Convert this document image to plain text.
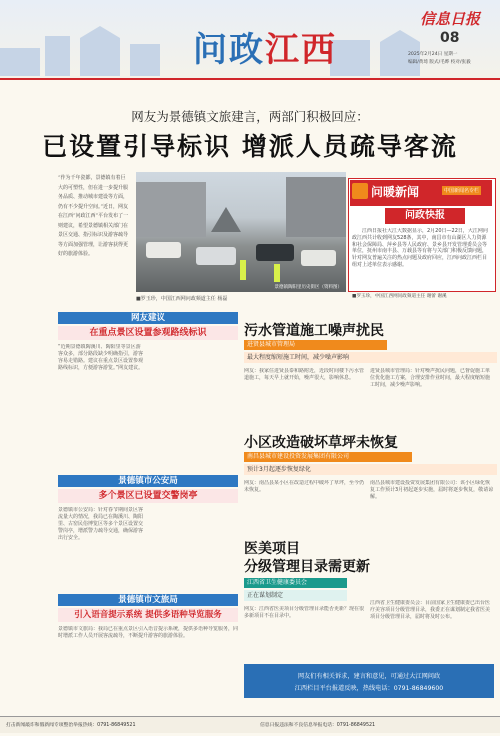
问政 江西
信息日报
08
2025年2月24日 星期一
编辑/黄琦 版式/毛晔 校对/张毅
网友为景德镇文旅建言，两部门积极回应：
已设置引导标识 增派人员疏导客流
“作为千年瓷都，景德镇有着巨大的可塑性，但在进一步提升服务品质、推动城市建设等方面，仍有不少提升空间。”近日，网友在江西“问政江西”平台发布了一则建议，希望景德镇相关部门在景区交通、指引标识及游客疏导等方面加强管理，让游客获得更好的旅游体验。
景德镇陶阳里历史街区（资料图）
■罗玉珍，中国江西网问政频道主任 杨磊
问暖新闻	中国新闻名专栏
问政快报
江西日报社大江大数据显示，2月20日—22日，大江网问政江西共计收到网友528条，其中，南昌市有山湖区人力资源和社会保障局、萍乡县等人民政府、景乡县开发管理委员会等单位，抚州市南丰县、万载县等有将与关部门积极反馈问题，针对网友普遍关注的热点问题及政府回应，江西问政江西栏目组对上述单位表示感谢。
■罗玉珍，中国江西网问政频道主任 谢蕾 谢溪
网友建议
在重点景区设置参观路线标识
“近期景德镇陶溪川、陶阳里等景区游客众多，部分路段缺少明确指引，游客容易走错路。建议在重点景区设置参观路线标识，方便游客游览。”网友建议。
景德镇市公安局
多个景区已设置交警岗亭
景德镇市公安局：针对春节期间景区客流量大的情况，我局已在陶溪川、陶阳里、古窑民俗博览区等多个景区设置交警岗亭，增派警力疏导交通，确保游客出行安全。
景德镇市文旅局
引入语音提示系统 提供多语种导览服务
景德镇市文旅局：我局已在重点景区引入语音提示系统，提供多语种导览服务，同时增派工作人员开展客流疏导，不断提升游客的旅游体验。
污水管道施工噪声扰民
进贤县城市管理局
最大程度缩短施工时间，减少噪声影响
网友：我家住进贤县泰和路附近，近段时间楼下污水管道施工，每天早上就开始，噪声很大，影响休息。
进贤县城市管理局：针对噪声扰民问题，已督促施工单位优化施工方案，合理安排作业时间，最大程度缩短施工时间，减少噪声影响。
小区改造破坏草坪未恢复
南昌县城市建设投资发展集团有限公司
预计3月起逐步恢复绿化
网友：南昌县某小区在改造过程中破坏了草坪，至今仍未恢复。
南昌县城市建设投资发展集团有限公司：该小区绿化恢复工作预计3月初起逐步实施，届时将逐步恢复，敬请谅解。
医美项目
分级管理目录需更新
江西省卫生健康委员会
正在谋划制定
网友：江西省医美项目分级管理目录能否更新？现在很多新项目不在目录中。
江西省卫生健康委员会：目前国家卫生健康委已出台医疗美容项目分级管理目录，我委正在谋划制定我省医美项目分级管理目录，届时将及时公布。
网友们有相关诉求，建言和意见，可通过大江网问政
江西栏目平台报道反映，热线电话：0791-86849600
打击新闻敲诈和假新闻专项整治举报热线：0791-86849521	信息日报违法和不良信息举报电话：0791-86849521
